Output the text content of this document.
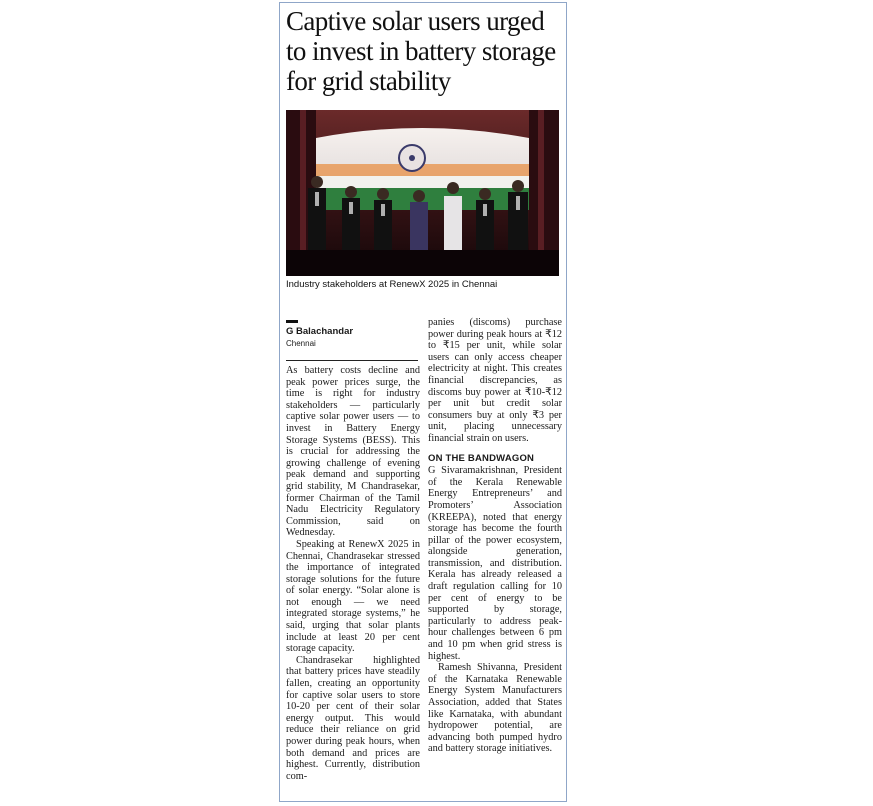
Captive solar users urged
to invest in battery storage
for grid stability
Industry stakeholders at RenewX 2025 in Chennai
G Balachandar
Chennai

As battery costs decline and peak power prices surge, the time is right for industry stakeholders — particularly captive solar power users — to invest in Battery Energy Storage Systems (BESS). This is crucial for addressing the growing challenge of evening peak demand and supporting grid stability, M Chandrasekar, former Chairman of the Tamil Nadu Electricity Regulatory Commission, said on Wednesday.

Speaking at RenewX 2025 in Chennai, Chandrasekar stressed the importance of integrated storage solutions for the future of solar energy. “Solar alone is not enough — we need integrated storage systems,” he said, urging that solar plants include at least 20 per cent storage capacity.

Chandrasekar highlighted that battery prices have steadily fallen, creating an opportunity for captive solar users to store 10-20 per cent of their solar energy output. This would reduce their reliance on grid power during peak hours, when both demand and prices are highest. Currently, distribution com-

panies (discoms) purchase power during peak hours at ₹12 to ₹15 per unit, while solar users can only access cheaper electricity at night. This creates financial discrepancies, as discoms buy power at ₹10-₹12 per unit but credit solar consumers buy at only ₹3 per unit, placing unnecessary financial strain on users.

ON THE BANDWAGON

G Sivaramakrishnan, President of the Kerala Renewable Energy Entrepreneurs’ and Promoters’ Association (KREEPA), noted that energy storage has become the fourth pillar of the power ecosystem, alongside generation, transmission, and distribution. Kerala has already released a draft regulation calling for 10 per cent of energy to be supported by storage, particularly to address peak-hour challenges between 6 pm and 10 pm when grid stress is highest.

Ramesh Shivanna, President of the Karnataka Renewable Energy System Manufacturers Association, added that States like Karnataka, with abundant hydropower potential, are advancing both pumped hydro and battery storage initiatives.
